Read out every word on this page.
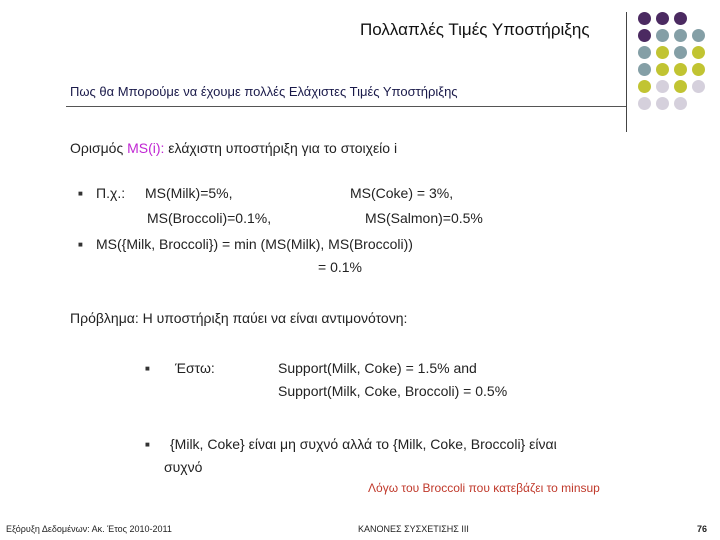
Πολλαπλές Τιμές Υποστήριξης
Πως θα Μπορούμε να έχουμε πολλές Ελάχιστες Τιμές Υποστήριξης
Ορισμός MS(i): ελάχιστη υποστήριξη για το στοιχείο i
■ Π.χ.: MS(Milk)=5%,	MS(Coke) = 3%,
MS(Broccoli)=0.1%,	MS(Salmon)=0.5%
■ MS({Milk, Broccoli}) = min (MS(Milk), MS(Broccoli))
= 0.1%
Πρόβλημα: Η υποστήριξη παύει να είναι αντιμονότονη:
■ Έστω:	Support(Milk, Coke) = 1.5% and
Support(Milk, Coke, Broccoli) = 0.5%
■ {Milk, Coke} είναι μη συχνό αλλά το {Milk, Coke, Broccoli} είναι
συχνό
Λόγω του Broccoli που κατεβάζει το minsup
Εξόρυξη Δεδομένων: Ακ. Έτος 2010-2011	ΚΑΝΟΝΕΣ ΣΥΣΧΕΤΙΣΗΣ ΙΙΙ	76
